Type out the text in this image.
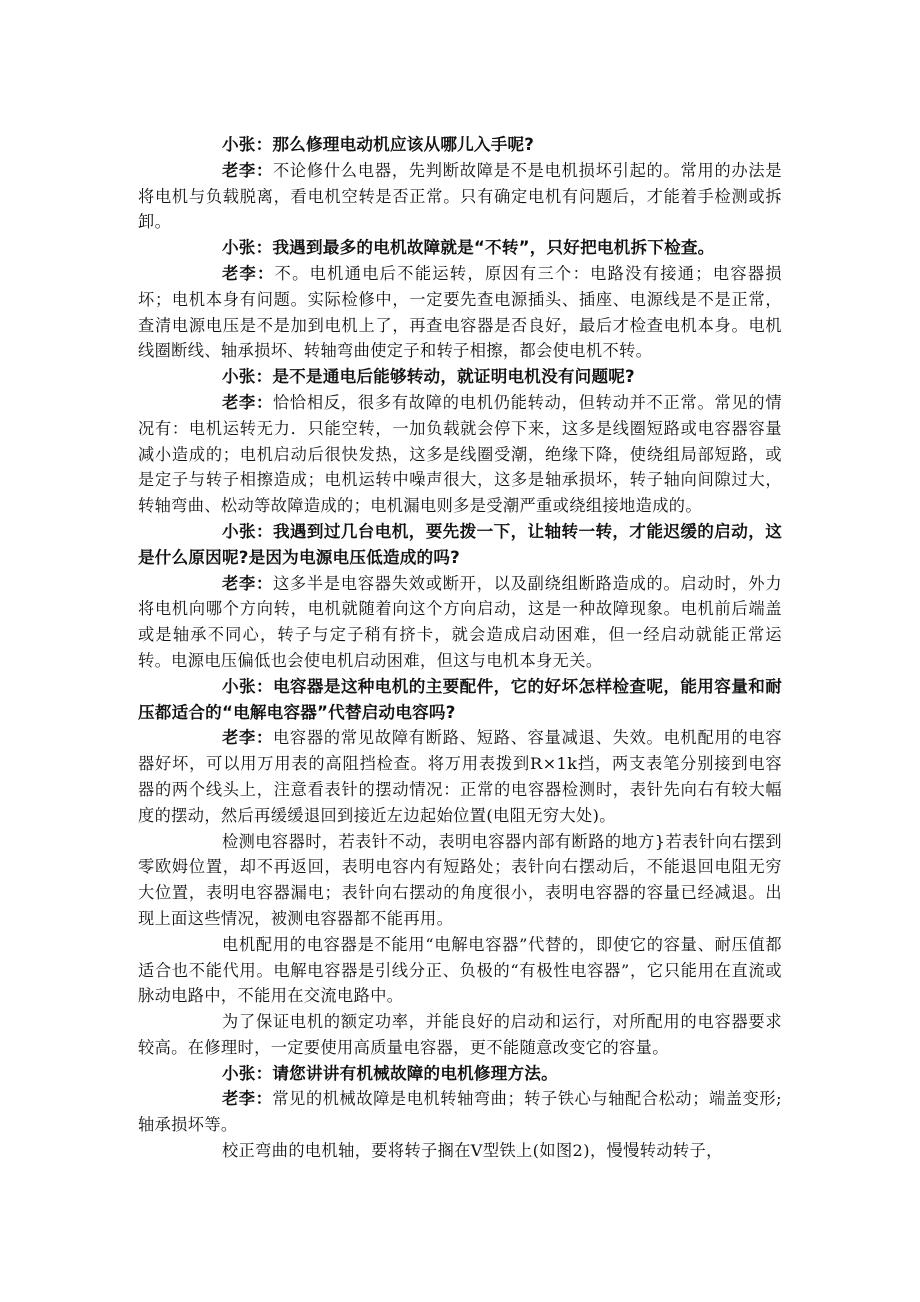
小张：那么修理电动机应该从哪儿入手呢?

老李：不论修什么电器，先判断故障是不是电机损坏引起的。常用的办法是将电机与负载脱离，看电机空转是否正常。只有确定电机有问题后，才能着手检测或拆卸。

小张：我遇到最多的电机故障就是“不转”，只好把电机拆下检查。

老李：不。电机通电后不能运转，原因有三个：电路没有接通；电容器损坏；电机本身有问题。实际检修中，一定要先查电源插头、插座、电源线是不是正常，查清电源电压是不是加到电机上了，再查电容器是否良好，最后才检查电机本身。电机线圈断线、轴承损坏、转轴弯曲使定子和转子相擦，都会使电机不转。

小张：是不是通电后能够转动，就证明电机没有问题呢?

老李：恰恰相反，很多有故障的电机仍能转动，但转动并不正常。常见的情况有：电机运转无力．只能空转，一加负载就会停下来，这多是线圈短路或电容器容量减小造成的；电机启动后很快发热，这多是线圈受潮，绝缘下降，使绕组局部短路，或是定子与转子相擦造成；电机运转中噪声很大，这多是轴承损坏，转子轴向间隙过大，转轴弯曲、松动等故障造成的；电机漏电则多是受潮严重或绕组接地造成的。

小张：我遇到过几台电机，要先拨一下，让轴转一转，才能迟缓的启动，这是什么原因呢?是因为电源电压低造成的吗?

老李：这多半是电容器失效或断开，以及副绕组断路造成的。启动时，外力将电机向哪个方向转，电机就随着向这个方向启动，这是一种故障现象。电机前后端盖或是轴承不同心，转子与定子稍有挤卡，就会造成启动困难，但一经启动就能正常运转。电源电压偏低也会使电机启动困难，但这与电机本身无关。

小张：电容器是这种电机的主要配件，它的好坏怎样检查呢，能用容量和耐压都适合的“电解电容器”代替启动电容吗?

老李：电容器的常见故障有断路、短路、容量减退、失效。电机配用的电容器好坏，可以用万用表的高阻挡检查。将万用表拨到R×1k挡，两支表笔分别接到电容器的两个线头上，注意看表针的摆动情况：正常的电容器检测时，表针先向右有较大幅度的摆动，然后再缓缓退回到接近左边起始位置(电阻无穷大处)。

检测电容器时，若表针不动，表明电容器内部有断路的地方}若表针向右摆到零欧姆位置，却不再返回，表明电容内有短路处；表针向右摆动后，不能退回电阻无穷大位置，表明电容器漏电；表针向右摆动的角度很小，表明电容器的容量已经减退。出现上面这些情况，被测电容器都不能再用。

电机配用的电容器是不能用“电解电容器”代替的，即使它的容量、耐压值都适合也不能代用。电解电容器是引线分正、负极的“有极性电容器”，它只能用在直流或脉动电路中，不能用在交流电路中。

为了保证电机的额定功率，并能良好的启动和运行，对所配用的电容器要求较高。在修理时，一定要使用高质量电容器，更不能随意改变它的容量。

小张：请您讲讲有机械故障的电机修理方法。

老李：常见的机械故障是电机转轴弯曲；转子铁心与轴配合松动；端盖变形;轴承损坏等。

校正弯曲的电机轴，要将转子搁在V型铁上(如图2)，慢慢转动转子，
